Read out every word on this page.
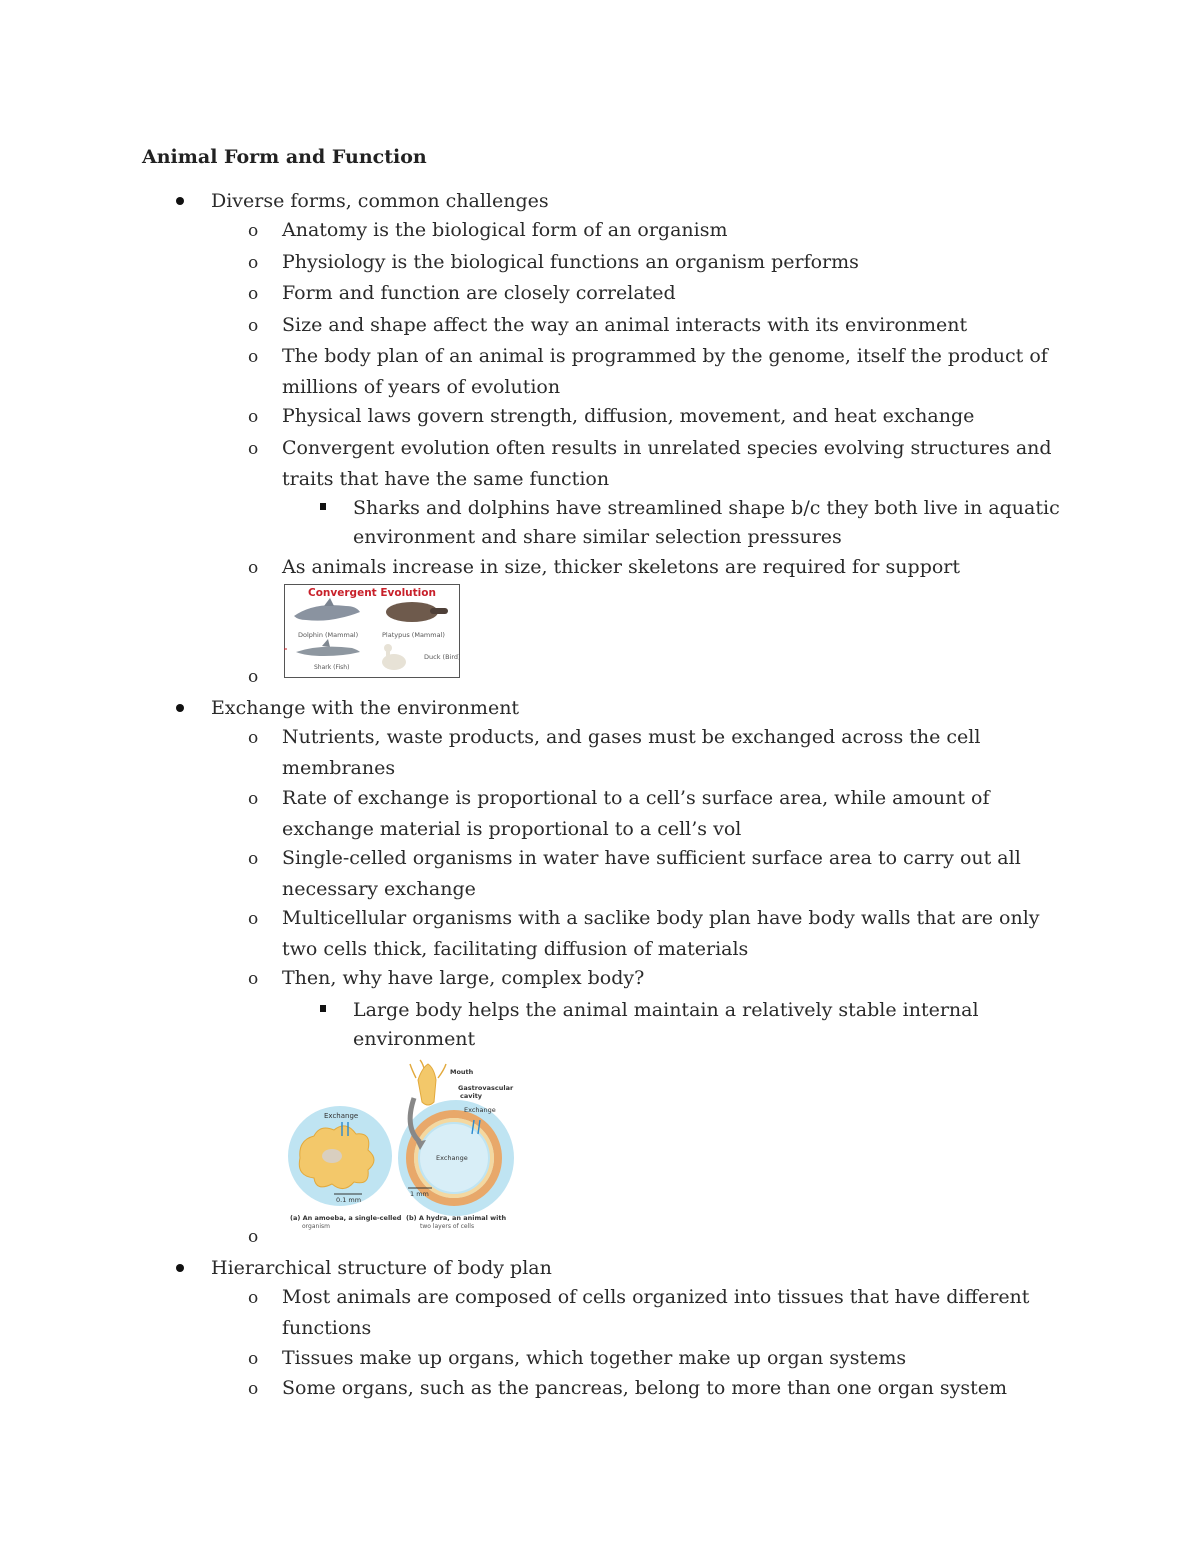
Animal Form and Function
Diverse forms, common challenges
o Anatomy is the biological form of an organism
o Physiology is the biological functions an organism performs
o Form and function are closely correlated
o Size and shape affect the way an animal interacts with its environment
o The body plan of an animal is programmed by the genome, itself the product of
millions of years of evolution
o Physical laws govern strength, diffusion, movement, and heat exchange
o Convergent evolution often results in unrelated species evolving structures and
traits that have the same function
Sharks and dolphins have streamlined shape b/c they both live in aquatic
environment and share similar selection pressures
o As animals increase in size, thicker skeletons are required for support
Convergent Evolution
Dolphin (Mammal)	Platypus (Mammal)
Shark (Fish)
Duck (Bird)
o
Exchange with the environment
o Nutrients, waste products, and gases must be exchanged across the cell
membranes
o Rate of exchange is proportional to a cell’s surface area, while amount of
exchange material is proportional to a cell’s vol
o Single-celled organisms in water have sufficient surface area to carry out all
necessary exchange
o Multicellular organisms with a saclike body plan have body walls that are only
two cells thick, facilitating diffusion of materials
o Then, why have large, complex body?
Large body helps the animal maintain a relatively stable internal
environment
Exchange
0.1 mm
(a) An amoeba, a single-celled
organism
Exchange
Mouth
Gastrovascular
cavity
Exchange
1 mm
(b) A hydra, an animal with
two layers of cells
o
Hierarchical structure of body plan
o Most animals are composed of cells organized into tissues that have different
functions
o Tissues make up organs, which together make up organ systems
o Some organs, such as the pancreas, belong to more than one organ system
